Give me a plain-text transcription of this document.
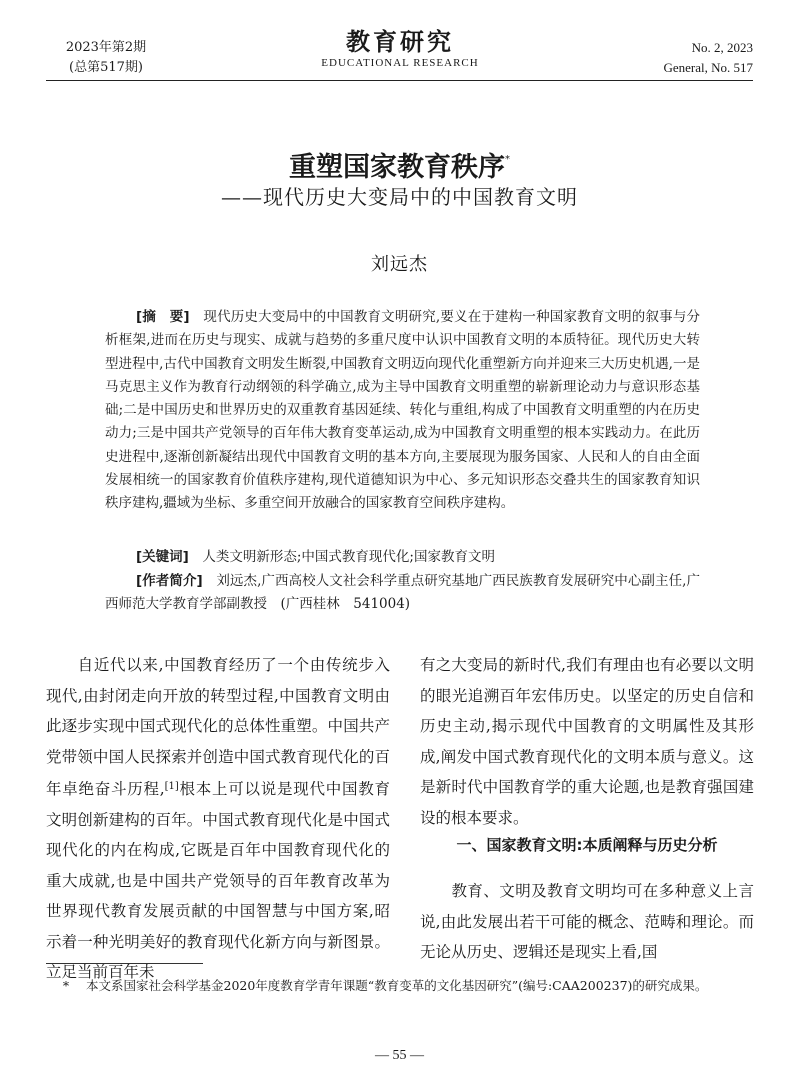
2023年第2期
(总第517期)
教育研究
EDUCATIONAL RESEARCH
No. 2, 2023
General, No. 517
重塑国家教育秩序*
——现代历史大变局中的中国教育文明
刘远杰
[摘　要]　 现代历史大变局中的中国教育文明研究,要义在于建构一种国家教育文明的叙事与分析框架,进而在历史与现实、成就与趋势的多重尺度中认识中国教育文明的本质特征。现代历史大转型进程中,古代中国教育文明发生断裂,中国教育文明迈向现代化重塑新方向并迎来三大历史机遇,一是马克思主义作为教育行动纲领的科学确立,成为主导中国教育文明重塑的崭新理论动力与意识形态基础;二是中国历史和世界历史的双重教育基因延续、转化与重组,构成了中国教育文明重塑的内在历史动力;三是中国共产党领导的百年伟大教育变革运动,成为中国教育文明重塑的根本实践动力。在此历史进程中,逐渐创新凝结出现代中国教育文明的基本方向,主要展现为服务国家、人民和人的自由全面发展相统一的国家教育价值秩序建构,现代道德知识为中心、多元知识形态交叠共生的国家教育知识秩序建构,疆域为坐标、多重空间开放融合的国家教育空间秩序建构。
[关键词]　 人类文明新形态;中国式教育现代化;国家教育文明
[作者简介]　 刘远杰,广西高校人文社会科学重点研究基地广西民族教育发展研究中心副主任,广西师范大学教育学部副教授　(广西桂林　541004)
自近代以来,中国教育经历了一个由传统步入现代,由封闭走向开放的转型过程,中国教育文明由此逐步实现中国式现代化的总体性重塑。中国共产党带领中国人民探索并创造中国式教育现代化的百年卓绝奋斗历程,[1]根本上可以说是现代中国教育文明创新建构的百年。中国式教育现代化是中国式现代化的内在构成,它既是百年中国教育现代化的重大成就,也是中国共产党领导的百年教育改革为世界现代教育发展贡献的中国智慧与中国方案,昭示着一种光明美好的教育现代化新方向与新图景。立足当前百年未
有之大变局的新时代,我们有理由也有必要以文明的眼光追溯百年宏伟历史。以坚定的历史自信和历史主动,揭示现代中国教育的文明属性及其形成,阐发中国式教育现代化的文明本质与意义。这是新时代中国教育学的重大论题,也是教育强国建设的根本要求。
一、国家教育文明:本质阐释与历史分析
教育、文明及教育文明均可在多种意义上言说,由此发展出若干可能的概念、范畴和理论。而无论从历史、逻辑还是现实上看,国
* 本文系国家社会科学基金2020年度教育学青年课题“教育变革的文化基因研究”(编号:CAA200237)的研究成果。
— 55 —
